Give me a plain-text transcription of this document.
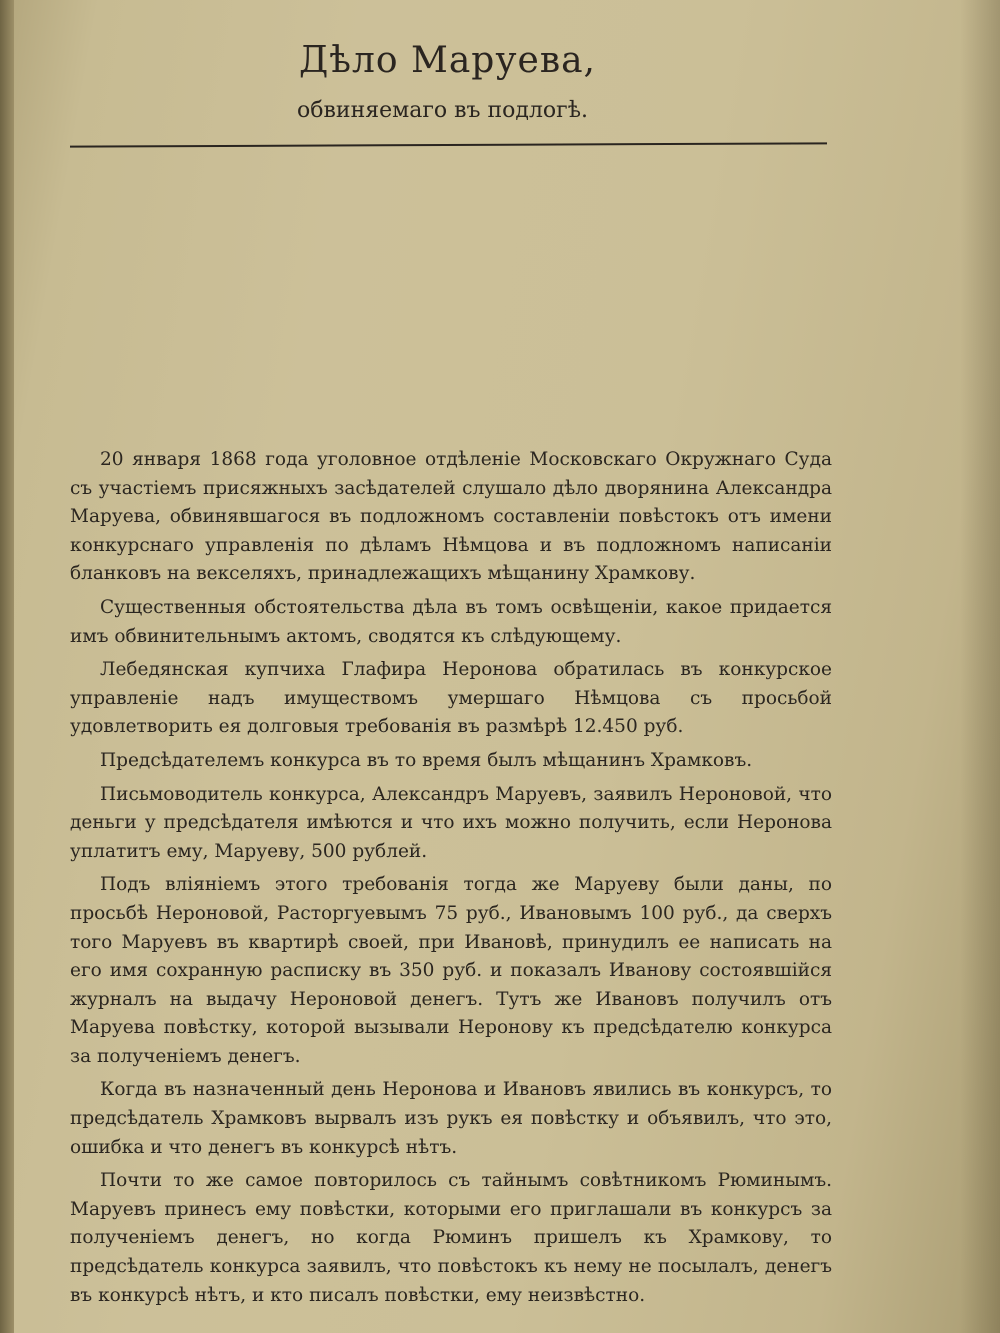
Дѣло Маруева,
обвиняемаго въ подлогѣ.

20 января 1868 года уголовное отдѣленіе Московскаго Окружнаго Суда съ участіемъ присяжныхъ засѣдателей слушало дѣло дворянина Александра Маруева, обвинявшагося въ подложномъ составленіи повѣстокъ отъ имени конкурснаго управленія по дѣламъ Нѣмцова и въ подложномъ написаніи бланковъ на векселяхъ, принадлежащихъ мѣщанину Храмкову.

Существенныя обстоятельства дѣла въ томъ освѣщеніи, какое придается имъ обвинительнымъ актомъ, сводятся къ слѣдующему.

Лебедянская купчиха Глафира Неронова обратилась въ конкурское управленіе надъ имуществомъ умершаго Нѣмцова съ просьбой удовлетворить ея долговыя требованія въ размѣрѣ 12.450 руб.

Предсѣдателемъ конкурса въ то время былъ мѣщанинъ Храмковъ.

Письмоводитель конкурса, Александръ Маруевъ, заявилъ Нероновой, что деньги у предсѣдателя имѣются и что ихъ можно получить, если Неронова уплатитъ ему, Маруеву, 500 рублей.

Подъ вліяніемъ этого требованія тогда же Маруеву были даны, по просьбѣ Нероновой, Расторгуевымъ 75 руб., Ивановымъ 100 руб., да сверхъ того Маруевъ въ квартирѣ своей, при Ивановѣ, принудилъ ее написать на его имя сохранную расписку въ 350 руб. и показалъ Иванову состоявшійся журналъ на выдачу Нероновой денегъ. Тутъ же Ивановъ получилъ отъ Маруева повѣстку, которой вызывали Неронову къ предсѣдателю конкурса за полученіемъ денегъ.

Когда въ назначенный день Неронова и Ивановъ явились въ конкурсъ, то предсѣдатель Храмковъ вырвалъ изъ рукъ ея повѣстку и объявилъ, что это, ошибка и что денегъ въ конкурсѣ нѣтъ.

Почти то же самое повторилось съ тайнымъ совѣтникомъ Рюминымъ. Маруевъ принесъ ему повѣстки, которыми его приглашали въ конкурсъ за полученіемъ денегъ, но когда Рюминъ пришелъ къ Храмкову, то предсѣдатель конкурса заявилъ, что повѣстокъ къ нему не посылалъ, денегъ въ конкурсѣ нѣтъ, и кто писалъ повѣстки, ему неизвѣстно.
